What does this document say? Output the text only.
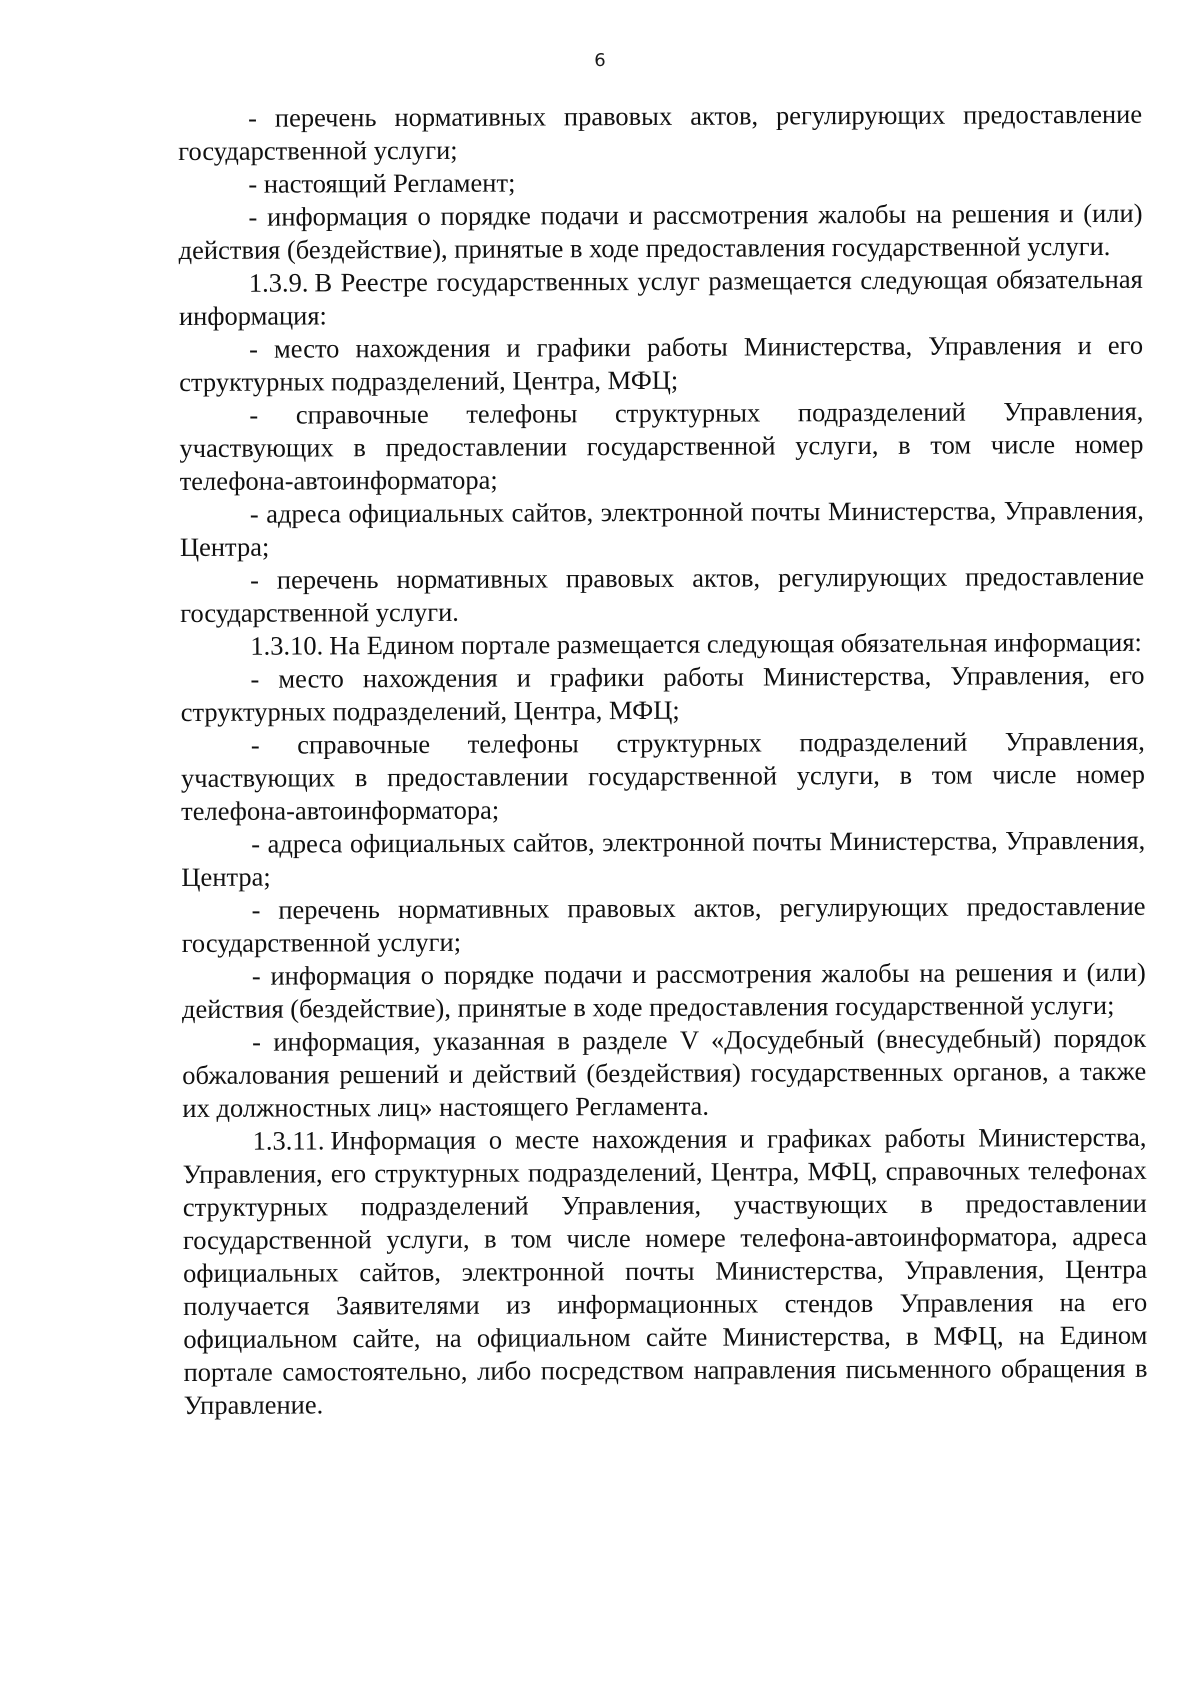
6

- перечень нормативных правовых актов, регулирующих предоставление государственной услуги;

- настоящий Регламент;

- информация о порядке подачи и рассмотрения жалобы на решения и (или) действия (бездействие), принятые в ходе предоставления государственной услуги.

1.3.9. В Реестре государственных услуг размещается следующая обязательная информация:

- место нахождения и графики работы Министерства, Управления и его структурных подразделений, Центра, МФЦ;

- справочные телефоны структурных подразделений Управления, участвующих в предоставлении государственной услуги, в том числе номер телефона-автоинформатора;

- адреса официальных сайтов, электронной почты Министерства, Управления, Центра;

- перечень нормативных правовых актов, регулирующих предоставление государственной услуги.

1.3.10. На Едином портале размещается следующая обязательная информация:

- место нахождения и графики работы Министерства, Управления, его структурных подразделений, Центра, МФЦ;

- справочные телефоны структурных подразделений Управления, участвующих в предоставлении государственной услуги, в том числе номер телефона-автоинформатора;

- адреса официальных сайтов, электронной почты Министерства, Управления, Центра;

- перечень нормативных правовых актов, регулирующих предоставление государственной услуги;

- информация о порядке подачи и рассмотрения жалобы на решения и (или) действия (бездействие), принятые в ходе предоставления государственной услуги;

- информация, указанная в разделе V «Досудебный (внесудебный) порядок обжалования решений и действий (бездействия) государственных органов, а также их должностных лиц» настоящего Регламента.

1.3.11. Информация о месте нахождения и графиках работы Министерства, Управления, его структурных подразделений, Центра, МФЦ, справочных телефонах структурных подразделений Управления, участвующих в предоставлении государственной услуги, в том числе номере телефона-автоинформатора, адреса официальных сайтов, электронной почты Министерства, Управления, Центра получается Заявителями из информационных стендов Управления на его официальном сайте, на официальном сайте Министерства, в МФЦ, на Едином портале самостоятельно, либо посредством направления письменного обращения в Управление.
